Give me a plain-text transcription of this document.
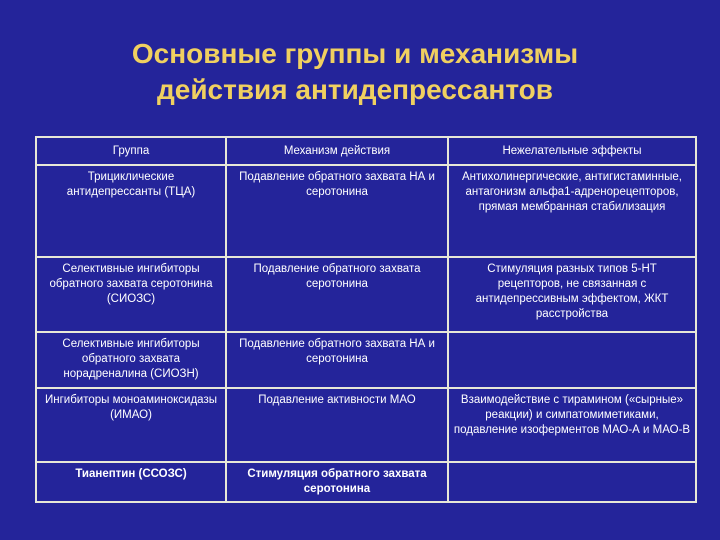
Основные группы и механизмы
действия антидепрессантов
Группа	Механизм действия	Нежелательные эффекты
Трициклические антидепрессанты (ТЦА)	Подавление обратного захвата НА и серотонина	Антихолинергические, антигистаминные, антагонизм альфа1-адренорецепторов, прямая мембранная стабилизация
Селективные ингибиторы обратного захвата серотонина (СИОЗС)	Подавление обратного захвата серотонина	Стимуляция разных типов 5-НТ рецепторов, не связанная с антидепрессивным эффектом, ЖКТ расстройства
Селективные ингибиторы обратного захвата норадреналина (СИОЗН)	Подавление обратного захвата НА и серотонина	
Ингибиторы моноаминоксидазы (ИМАО)	Подавление активности МАО	Взаимодействие с тирамином («сырные» реакции) и симпатомиметиками, подавление изоферментов МАО-А и МАО-В
Тианептин (ССОЗС)	Стимуляция обратного захвата серотонина	
